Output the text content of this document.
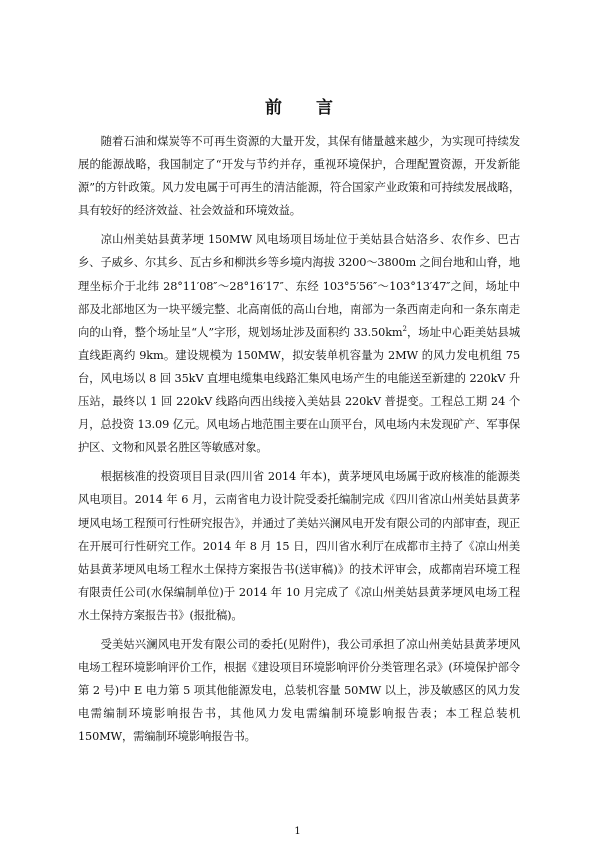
前 言

随着石油和煤炭等不可再生资源的大量开发，其保有储量越来越少，为实现可持续发展的能源战略，我国制定了“开发与节约并存，重视环境保护，合理配置资源，开发新能源”的方针政策。风力发电属于可再生的清洁能源，符合国家产业政策和可持续发展战略，具有较好的经济效益、社会效益和环境效益。

凉山州美姑县黄茅埂 150MW 风电场项目场址位于美姑县合姑洛乡、农作乡、巴古乡、子威乡、尔其乡、瓦古乡和柳洪乡等乡境内海拔 3200～3800m 之间台地和山脊，地理坐标介于北纬 28°11′08″～28°16′17″、东经 103°5′56″～103°13′47″之间，场址中部及北部地区为一块平缓完整、北高南低的高山台地，南部为一条西南走向和一条东南走向的山脊，整个场址呈“人”字形，规划场址涉及面积约 $33.50km^2$，场址中心距美姑县城直线距离约 9km。建设规模为 150MW，拟安装单机容量为 2MW 的风力发电机组 75 台，风电场以 8 回 35kV 直埋电缆集电线路汇集风电场产生的电能送至新建的 220kV 升压站，最终以 1 回 220kV 线路向西出线接入美姑县 220kV 普提变。工程总工期 24 个月，总投资 13.09 亿元。风电场占地范围主要在山顶平台，风电场内未发现矿产、军事保护区、文物和风景名胜区等敏感对象。

根据核准的投资项目目录(四川省 2014 年本)，黄茅埂风电场属于政府核准的能源类风电项目。2014 年 6 月，云南省电力设计院受委托编制完成《四川省凉山州美姑县黄茅埂风电场工程预可行性研究报告》，并通过了美姑兴澜风电开发有限公司的内部审查，现正在开展可行性研究工作。2014 年 8 月 15 日，四川省水利厅在成都市主持了《凉山州美姑县黄茅埂风电场工程水土保持方案报告书(送审稿)》的技术评审会，成都南岩环境工程有限责任公司(水保编制单位)于 2014 年 10 月完成了《凉山州美姑县黄茅埂风电场工程水土保持方案报告书》(报批稿)。

受美姑兴澜风电开发有限公司的委托(见附件)，我公司承担了凉山州美姑县黄茅埂风电场工程环境影响评价工作，根据《建设项目环境影响评价分类管理名录》(环境保护部令第 2 号)中 E 电力第 5 项其他能源发电，总装机容量 50MW 以上，涉及敏感区的风力发电需编制环境影响报告书，其他风力发电需编制环境影响报告表；本工程总装机 150MW，需编制环境影响报告书。

1
